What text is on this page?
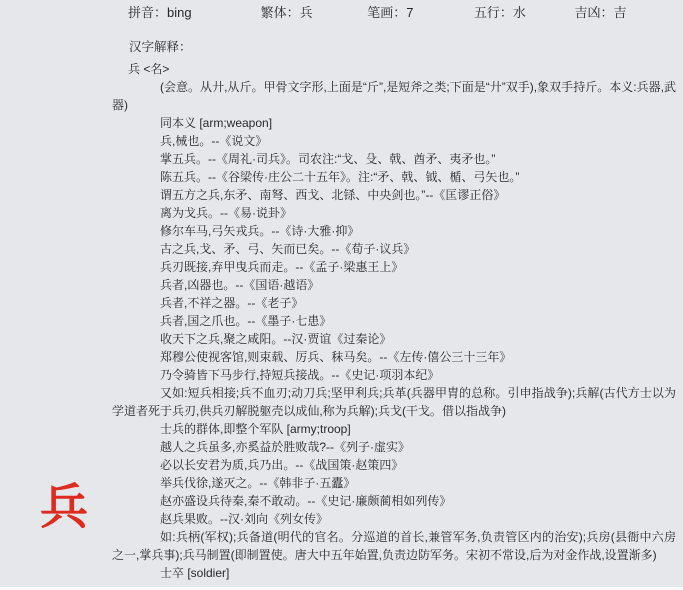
拼音：bing	繁体：兵	笔画：7	五行：水	吉凶：吉
汉字解释：

兵 <名>

(会意。从廾,从斤。甲骨文字形,上面是“斤”,是短斧之类;下面是“廾”双手),象双手持斤。本义:兵器,武器)

同本义 [arm;weapon]

兵,械也。--《说文》

掌五兵。--《周礼·司兵》。司农注:“戈、殳、戟、酋矛、夷矛也。”

陈五兵。--《谷梁传·庄公二十五年》。注:“矛、戟、钺、楯、弓矢也。”

谓五方之兵,东矛、南弩、西戈、北铩、中央剑也。”--《匡谬正俗》

离为戈兵。--《易·说卦》

修尔车马,弓矢戎兵。--《诗·大雅·抑》

古之兵,戈、矛、弓、矢而已矣。--《荀子·议兵》

兵刃既接,弃甲曳兵而走。--《孟子·梁惠王上》

兵者,凶器也。--《国语·越语》

兵者,不祥之器。--《老子》

兵者,国之爪也。--《墨子·七患》

收天下之兵,聚之咸阳。--汉·贾谊《过秦论》

郑穆公使视客馆,则束载、厉兵、秣马矣。--《左传·僖公三十三年》

乃令骑皆下马步行,持短兵接战。--《史记·项羽本纪》

又如:短兵相接;兵不血刃;动刀兵;坚甲利兵;兵革(兵器甲胄的总称。引申指战争);兵解(古代方士以为学道者死于兵刃,供兵刃解脱躯壳以成仙,称为兵解);兵戈(干戈。借以指战争)

士兵的群体,即整个军队 [army;troop]

越人之兵虽多,亦奚益於胜败哉?--《列子·虚实》

必以长安君为质,兵乃出。--《战国策·赵策四》

举兵伐徐,遂灭之。--《韩非子·五蠹》

赵亦盛设兵待秦,秦不敢动。--《史记·廉颇蔺相如列传》

赵兵果败。--汉·刘向《列女传》

如:兵柄(军权);兵备道(明代的官名。分巡道的首长,兼管军务,负责管区内的治安);兵房(县衙中六房之一,掌兵事);兵马制置(即制置使。唐大中五年始置,负责边防军务。宋初不常设,后为对金作战,设置渐多)

士卒 [soldier]

兵
